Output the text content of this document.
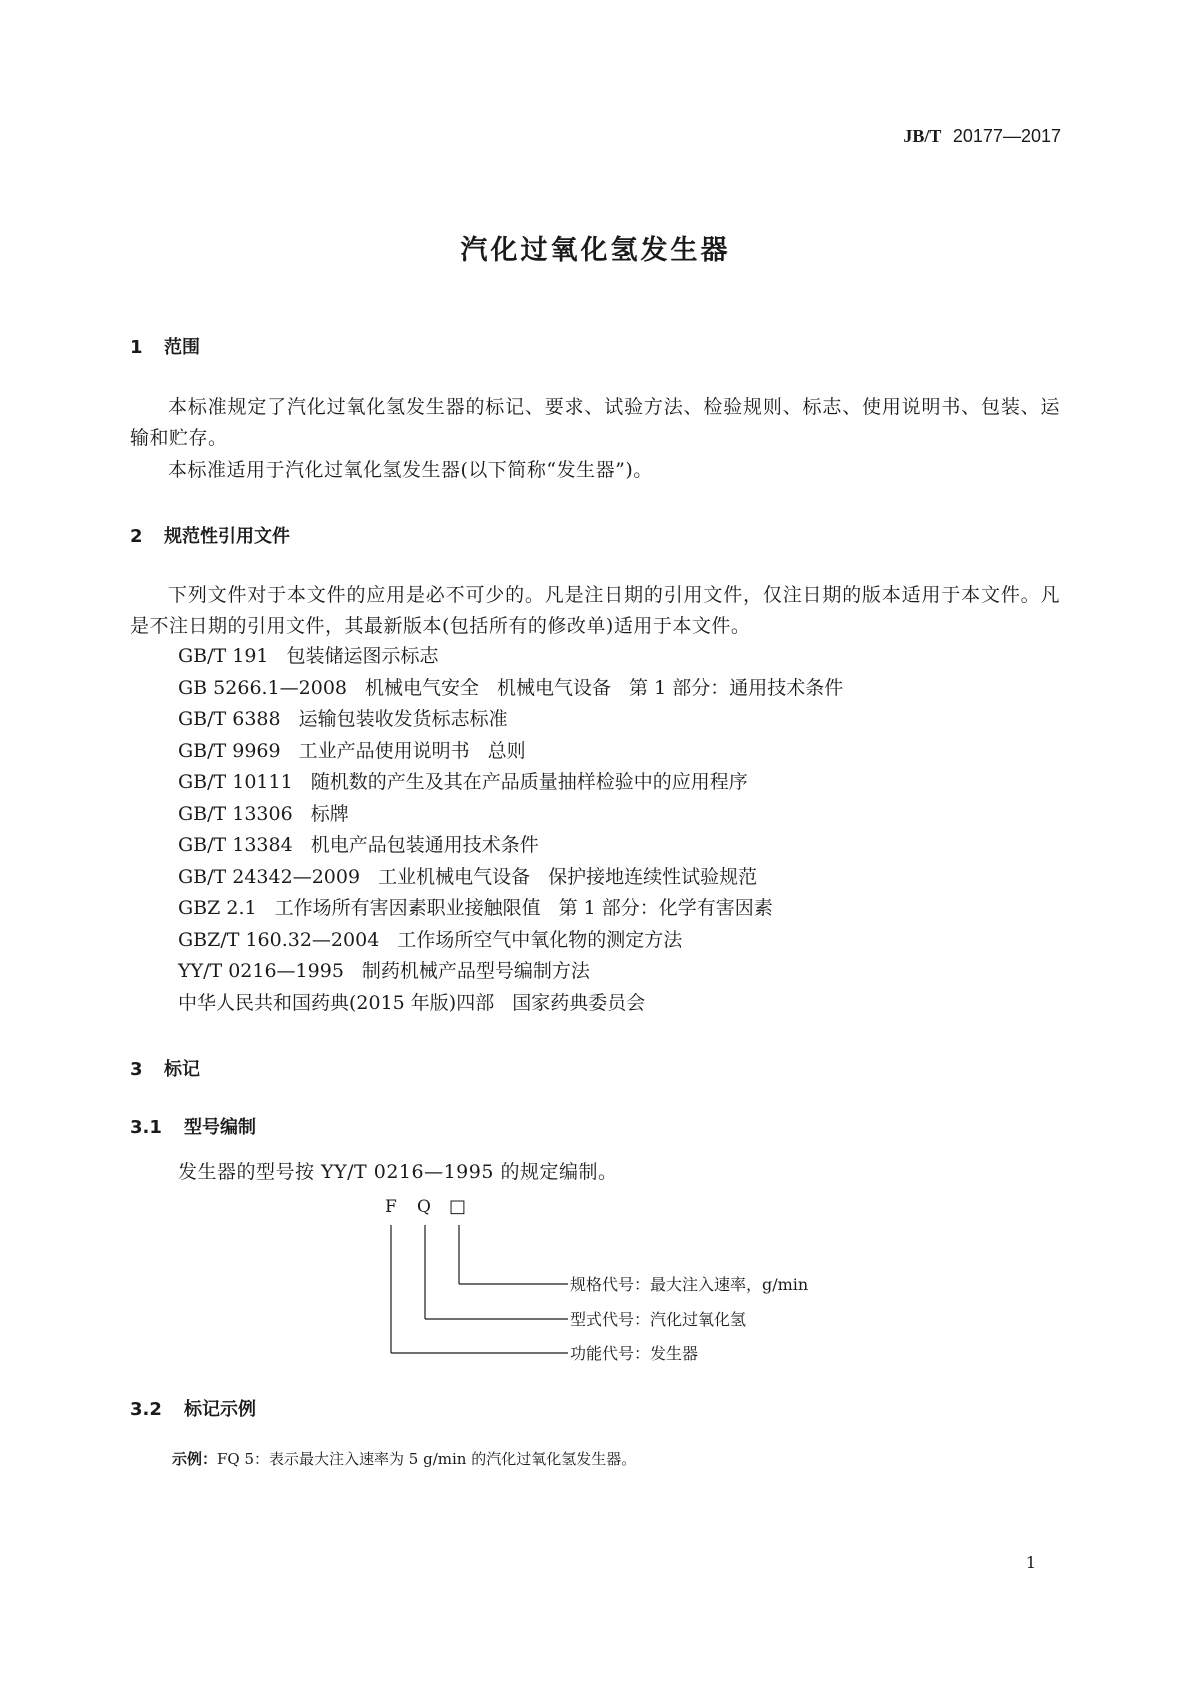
JB/T 20177—2017
汽化过氧化氢发生器
1 范围
本标准规定了汽化过氧化氢发生器的标记、要求、试验方法、检验规则、标志、使用说明书、包装、运输和贮存。
本标准适用于汽化过氧化氢发生器(以下简称“发生器”)。
2 规范性引用文件
下列文件对于本文件的应用是必不可少的。凡是注日期的引用文件，仅注日期的版本适用于本文件。凡是不注日期的引用文件，其最新版本(包括所有的修改单)适用于本文件。
GB/T 191 包装储运图示标志
GB 5266.1—2008 机械电气安全 机械电气设备 第 1 部分：通用技术条件
GB/T 6388 运输包装收发货标志标准
GB/T 9969 工业产品使用说明书 总则
GB/T 10111 随机数的产生及其在产品质量抽样检验中的应用程序
GB/T 13306 标牌
GB/T 13384 机电产品包装通用技术条件
GB/T 24342—2009 工业机械电气设备 保护接地连续性试验规范
GBZ 2.1 工作场所有害因素职业接触限值 第 1 部分：化学有害因素
GBZ/T 160.32—2004 工作场所空气中氧化物的测定方法
YY/T 0216—1995 制药机械产品型号编制方法
中华人民共和国药典(2015 年版)四部 国家药典委员会
3 标记
3.1 型号编制
发生器的型号按 YY/T 0216—1995 的规定编制。
F Q □
规格代号：最大注入速率，g/min
型式代号：汽化过氧化氢
功能代号：发生器
3.2 标记示例
示例：FQ 5：表示最大注入速率为 5 g/min 的汽化过氧化氢发生器。
1
